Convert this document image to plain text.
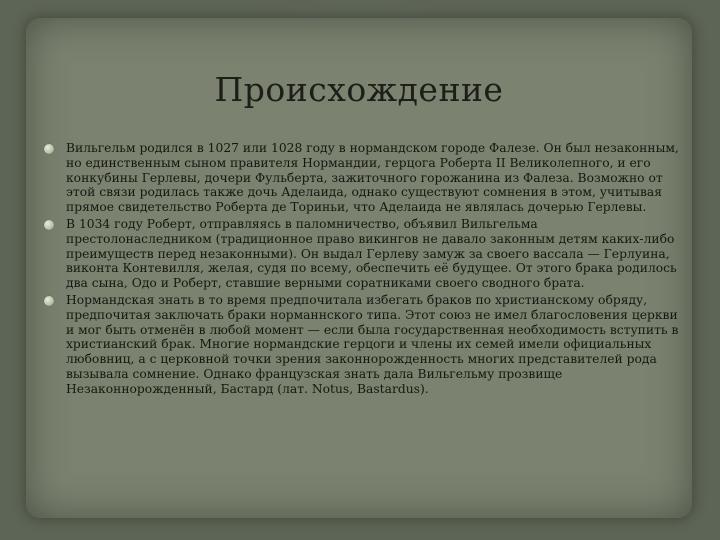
Происхождение
Вильгельм родился в 1027 или 1028 году в нормандском городе Фалезе. Он был незаконным, но единственным сыном правителя Нормандии, герцога Роберта II Великолепного, и его конкубины Герлевы, дочери Фульберта, зажиточного горожанина из Фалеза. Возможно от этой связи родилась также дочь Аделаида, однако существуют сомнения в этом, учитывая прямое свидетельство Роберта де Ториньи, что Аделаида не являлась дочерью Герлевы.
В 1034 году Роберт, отправляясь в паломничество, объявил Вильгельма престолонаследником (традиционное право викингов не давало законным детям каких-либо преимуществ перед незаконными). Он выдал Герлеву замуж за своего вассала — Герлуина, виконта Контевилля, желая, судя по всему, обеспечить её будущее. От этого брака родилось два сына, Одо и Роберт, ставшие верными соратниками своего сводного брата.
Нормандская знать в то время предпочитала избегать браков по христианскому обряду, предпочитая заключать браки норманнского типа. Этот союз не имел благословения церкви и мог быть отменён в любой момент — если была государственная необходимость вступить в христианский брак. Многие нормандские герцоги и члены их семей имели официальных любовниц, а с церковной точки зрения законнорожденность многих представителей рода вызывала сомнение. Однако французская знать дала Вильгельму прозвище Незаконнорожденный, Бастард (лат. Notus, Bastardus).
